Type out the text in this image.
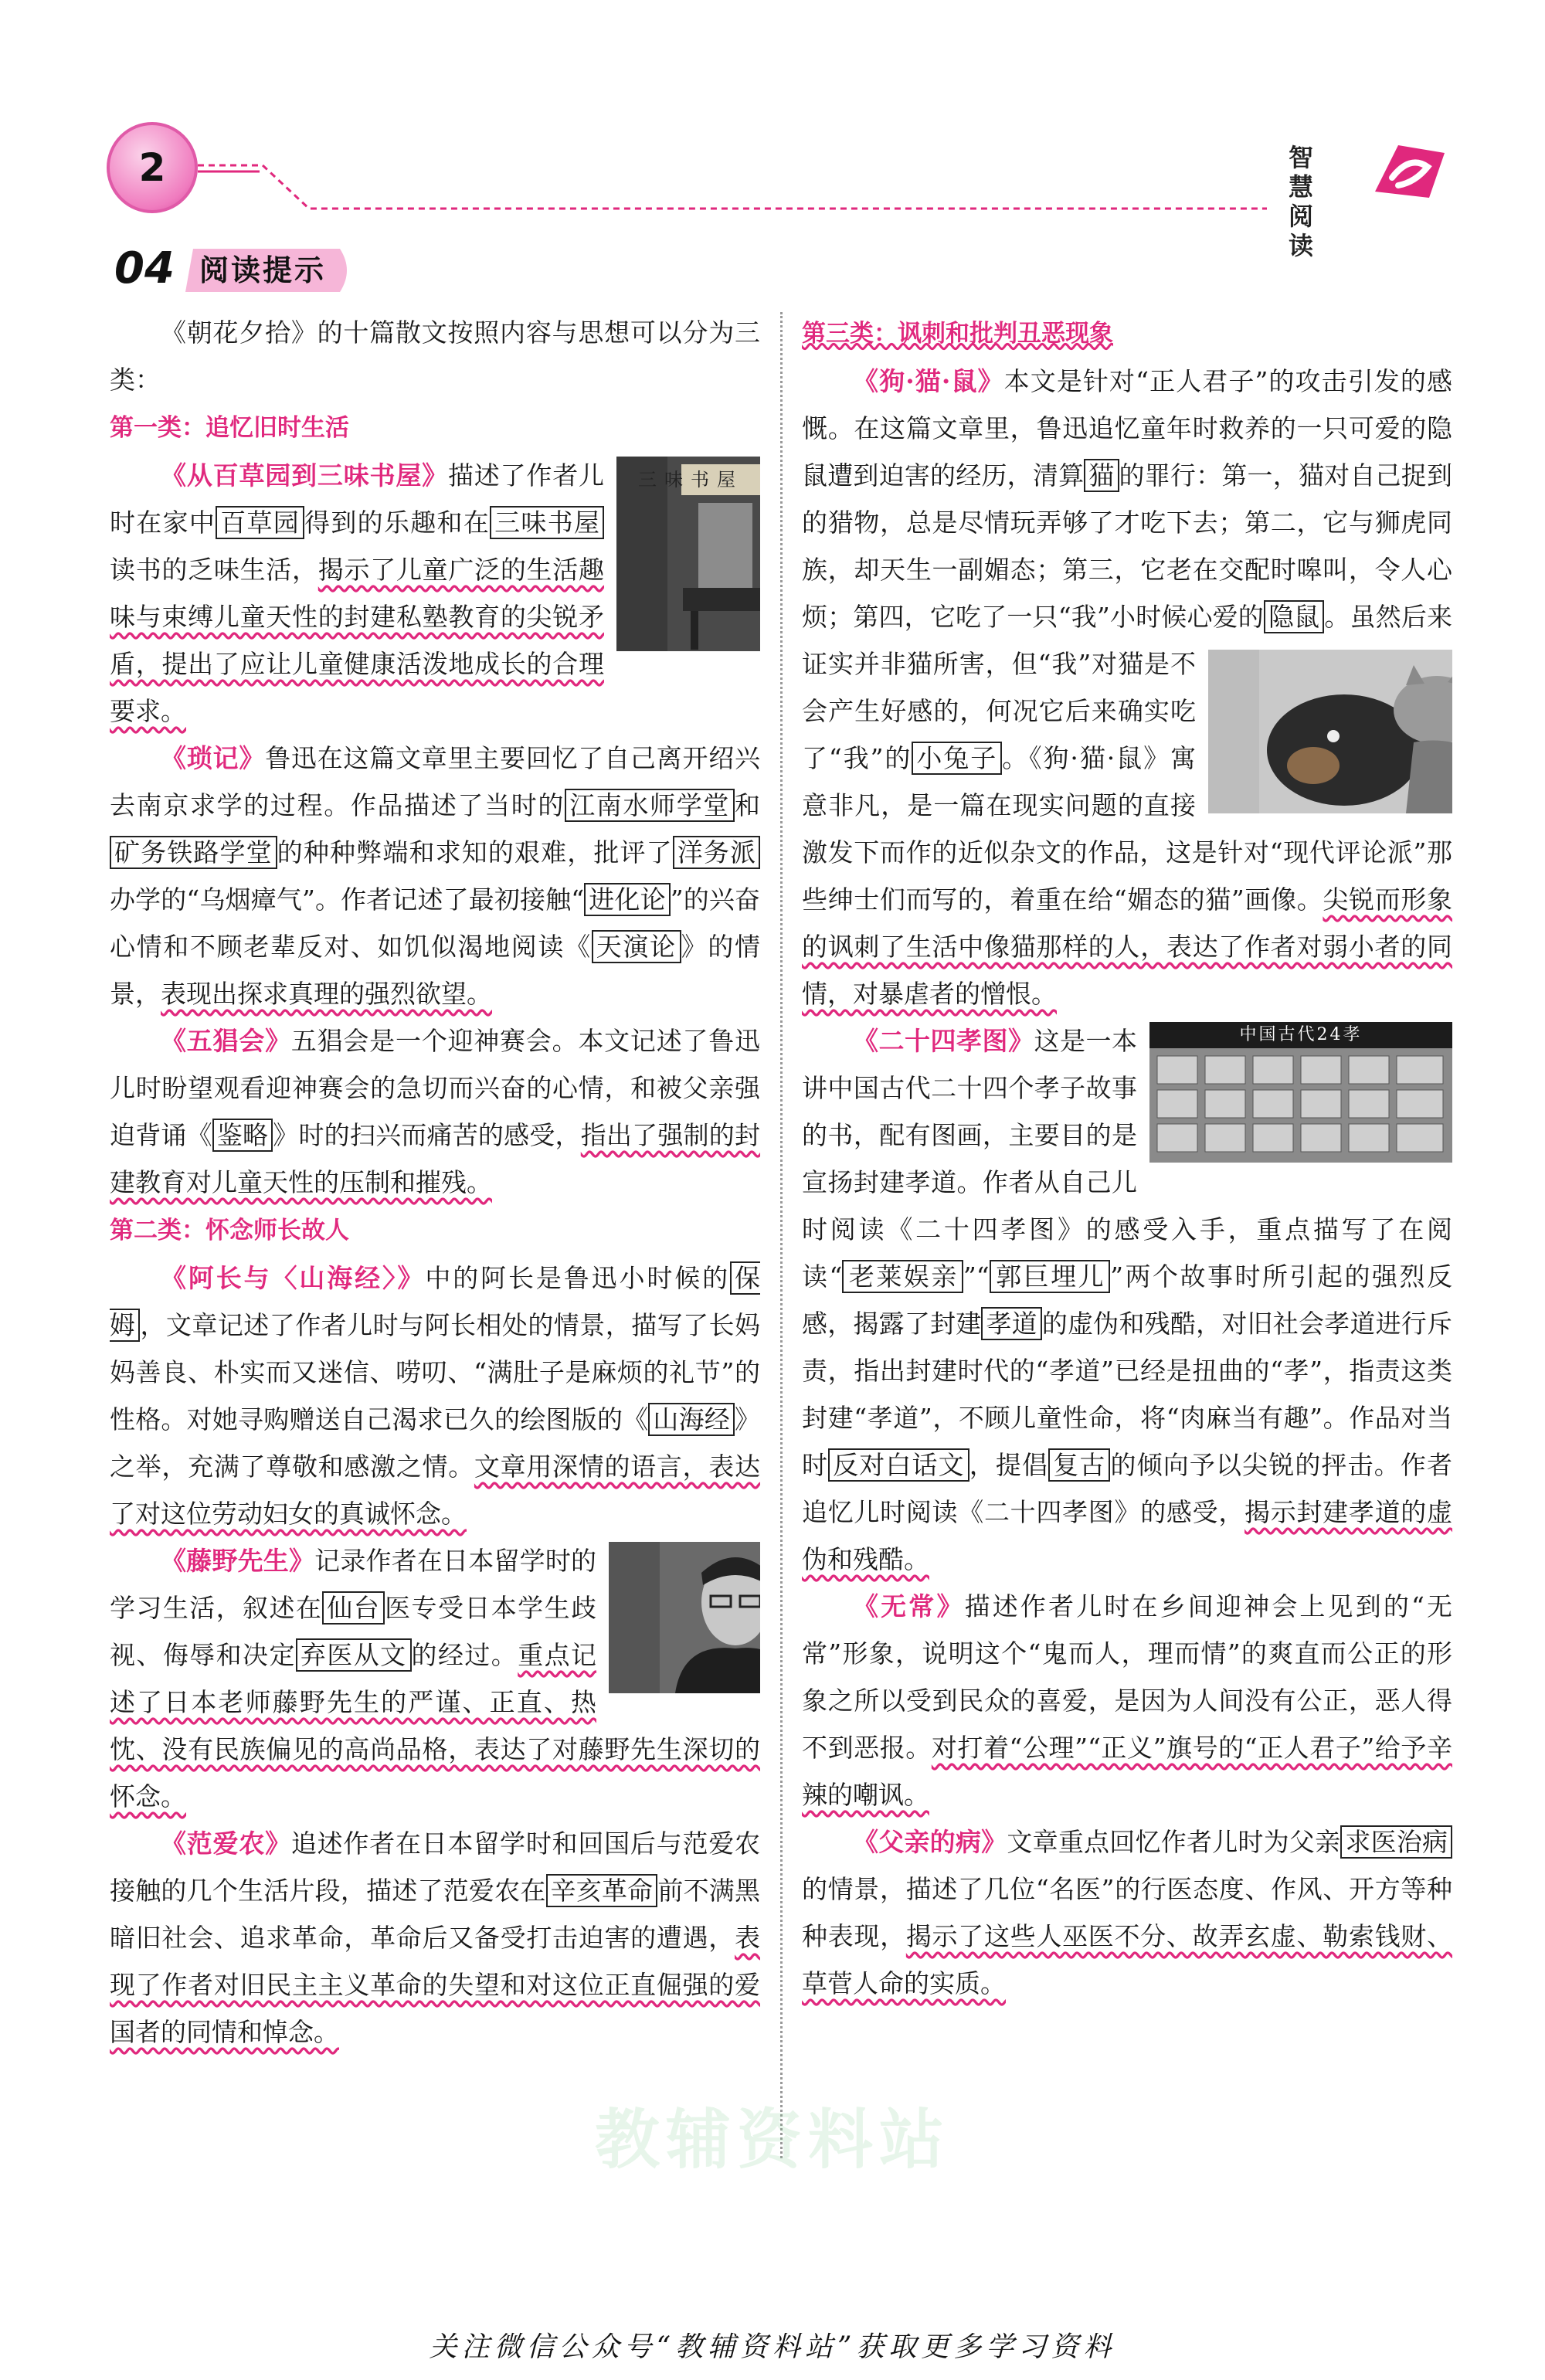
2	智慧阅读
04 阅读提示

《朝花夕拾》的十篇散文按照内容与思想可以分为三类：

第一类：追忆旧时生活

三味书屋
《从百草园到三味书屋》描述了作者儿时在家中 百草园 得到的乐趣和在 三味书屋读书的乏味生活，揭示了儿童广泛的生活趣味与束缚儿童天性的封建私塾教育的尖锐矛盾，提出了应让儿童健康活泼地成长的合理要求。

《琐记》鲁迅在这篇文章里主要回忆了自己离开绍兴去南京求学的过程。作品描述了当时的 江南水师学堂 和矿务铁路学堂 的种种弊端和求知的艰难，批评了 洋务派办学的“乌烟瘴气”。作者记述了最初接触“ 进化论 ”的兴奋心情和不顾老辈反对、如饥似渴地阅读《 天演论 》的情景，表现出探求真理的强烈欲望。

《五猖会》五猖会是一个迎神赛会。本文记述了鲁迅儿时盼望观看迎神赛会的急切而兴奋的心情，和被父亲强迫背诵《 鉴略 》时的扫兴而痛苦的感受，指出了强制的封建教育对儿童天性的压制和摧残。

第二类：怀念师长故人

《阿长与〈山海经〉》中的阿长是鲁迅小时候的 保姆 ，文章记述了作者儿时与阿长相处的情景，描写了长妈妈善良、朴实而又迷信、唠叨、“满肚子是麻烦的礼节”的性格。对她寻购赠送自己渴求已久的绘图版的《 山海经 》之举，充满了尊敬和感激之情。文章用深情的语言，表达了对这位劳动妇女的真诚怀念。

《藤野先生》记录作者在日本留学时的学习生活，叙述在 仙台 医专受日本学生歧视、侮辱和决定 弃医从文 的经过。重点记述了日本老师藤野先生的严谨、正直、热忱、没有民族偏见的高尚品格，表达了对藤野先生深切的怀念。

《范爱农》追述作者在日本留学时和回国后与范爱农接触的几个生活片段，描述了范爱农在 辛亥革命 前不满黑暗旧社会、追求革命，革命后又备受打击迫害的遭遇，表现了作者对旧民主主义革命的失望和对这位正直倔强的爱国者的同情和悼念。

第三类：讽刺和批判丑恶现象

《狗·猫·鼠》本文是针对“正人君子”的攻击引发的感慨。在这篇文章里，鲁迅追忆童年时救养的一只可爱的隐鼠遭到迫害的经历，清算 猫 的罪行：第一，猫对自己捉到的猎物，总是尽情玩弄够了才吃下去；第二，它与狮虎同族，却天生一副媚态；第三，它老在交配时嗥叫，令人心烦；第四，它吃了一只“我”小时候心爱的 隐鼠 。虽然后来证实并非猫所害，但“我”对猫是不会产生好感的，何况它后来确实吃了“我”的 小兔子 。《狗·猫·鼠》寓意非凡，是一篇在现实问题的直接激发下而作的近似杂文的作品，这是针对“现代评论派”那些绅士们而写的，着重在给“媚态的猫”画像。尖锐而形象的讽刺了生活中像猫那样的人，表达了作者对弱小者的同情，对暴虐者的憎恨。

中国古代24孝
《二十四孝图》这是一本讲中国古代二十四个孝子故事的书，配有图画，主要目的是宣扬封建孝道。作者从自己儿时阅读《二十四孝图》的感受入手，重点描写了在阅读“ 老莱娱亲 ”“ 郭巨埋儿 ”两个故事时所引起的强烈反感，揭露了封建 孝道 的虚伪和残酷，对旧社会孝道进行斥责，指出封建时代的“孝道”已经是扭曲的“孝”，指责这类封建“孝道”，不顾儿童性命，将“肉麻当有趣”。作品对当时 反对白话文 ，提倡 复古 的倾向予以尖锐的抨击。作者追忆儿时阅读《二十四孝图》的感受，揭示封建孝道的虚伪和残酷。

《无常》描述作者儿时在乡间迎神会上见到的“无常”形象，说明这个“鬼而人，理而情”的爽直而公正的形象之所以受到民众的喜爱，是因为人间没有公正，恶人得不到恶报。对打着“公理”“正义”旗号的“正人君子”给予辛辣的嘲讽。

《父亲的病》文章重点回忆作者儿时为父亲 求医治病的情景，描述了几位“名医”的行医态度、作风、开方等种种表现，揭示了这些人巫医不分、故弄玄虚、勒索钱财、草菅人命的实质。

教辅资料站
关注微信公众号“教辅资料站”获取更多学习资料
